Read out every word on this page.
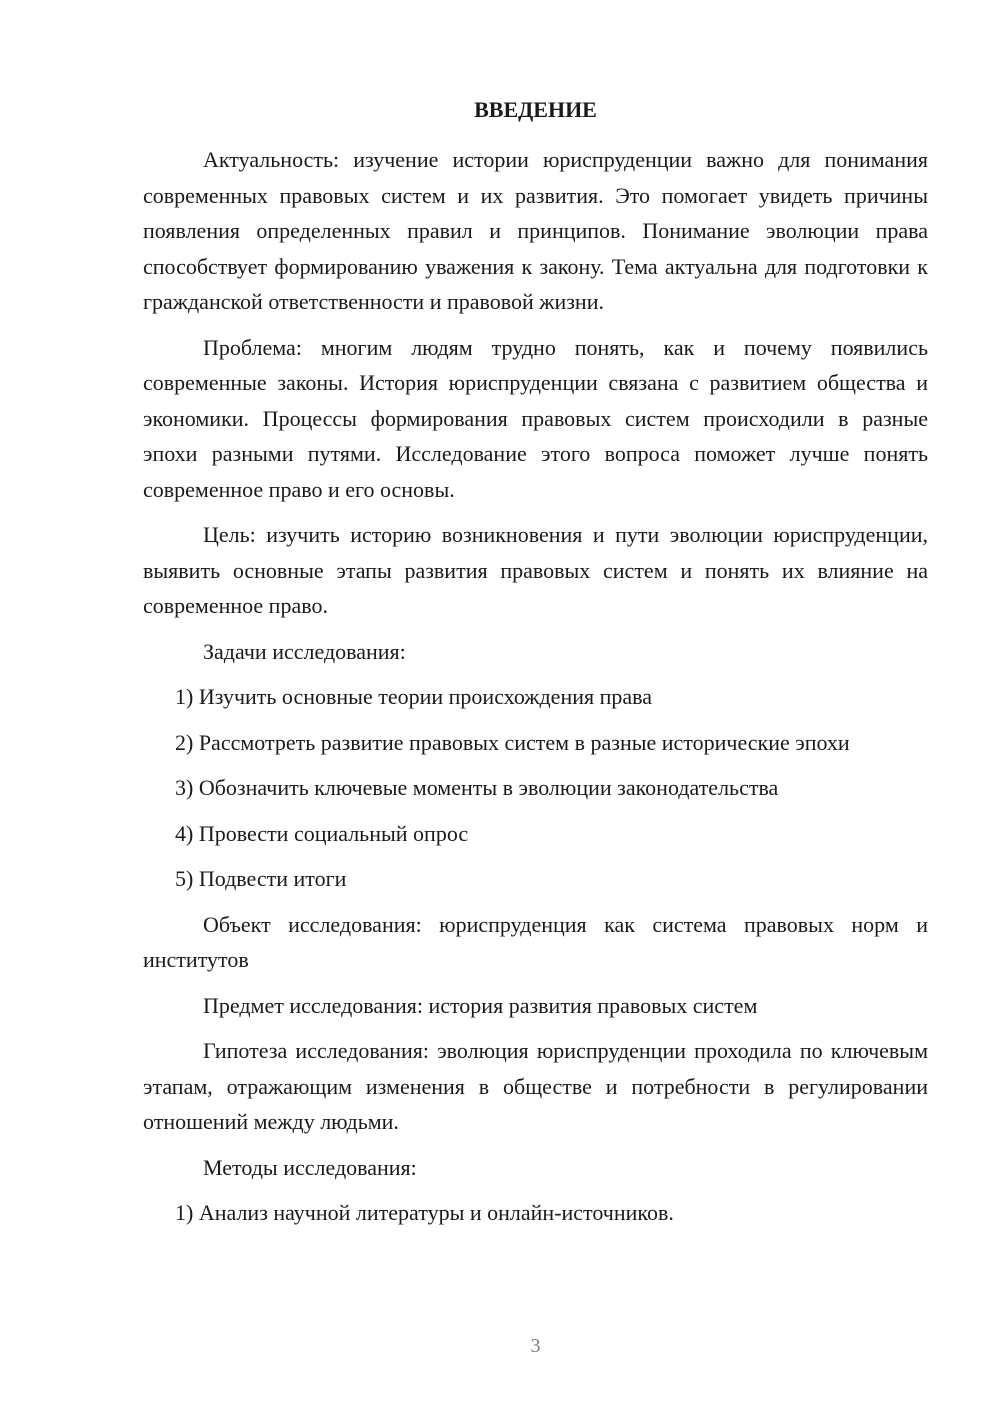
ВВЕДЕНИЕ

Актуальность: изучение истории юриспруденции важно для понимания современных правовых систем и их развития. Это помогает увидеть причины появления определенных правил и принципов. Понимание эволюции права способствует формированию уважения к закону. Тема актуальна для подготовки к гражданской ответственности и правовой жизни.

Проблема: многим людям трудно понять, как и почему появились современные законы. История юриспруденции связана с развитием общества и экономики. Процессы формирования правовых систем происходили в разные эпохи разными путями. Исследование этого вопроса поможет лучше понять современное право и его основы.

Цель: изучить историю возникновения и пути эволюции юриспруденции, выявить основные этапы развития правовых систем и понять их влияние на современное право.

Задачи исследования:

1) Изучить основные теории происхождения права

2) Рассмотреть развитие правовых систем в разные исторические эпохи

3) Обозначить ключевые моменты в эволюции законодательства

4) Провести социальный опрос

5) Подвести итоги

Объект исследования: юриспруденция как система правовых норм и институтов

Предмет исследования: история развития правовых систем

Гипотеза исследования: эволюция юриспруденции проходила по ключевым этапам, отражающим изменения в обществе и потребности в регулировании отношений между людьми.

Методы исследования:

1) Анализ научной литературы и онлайн-источников.

3
